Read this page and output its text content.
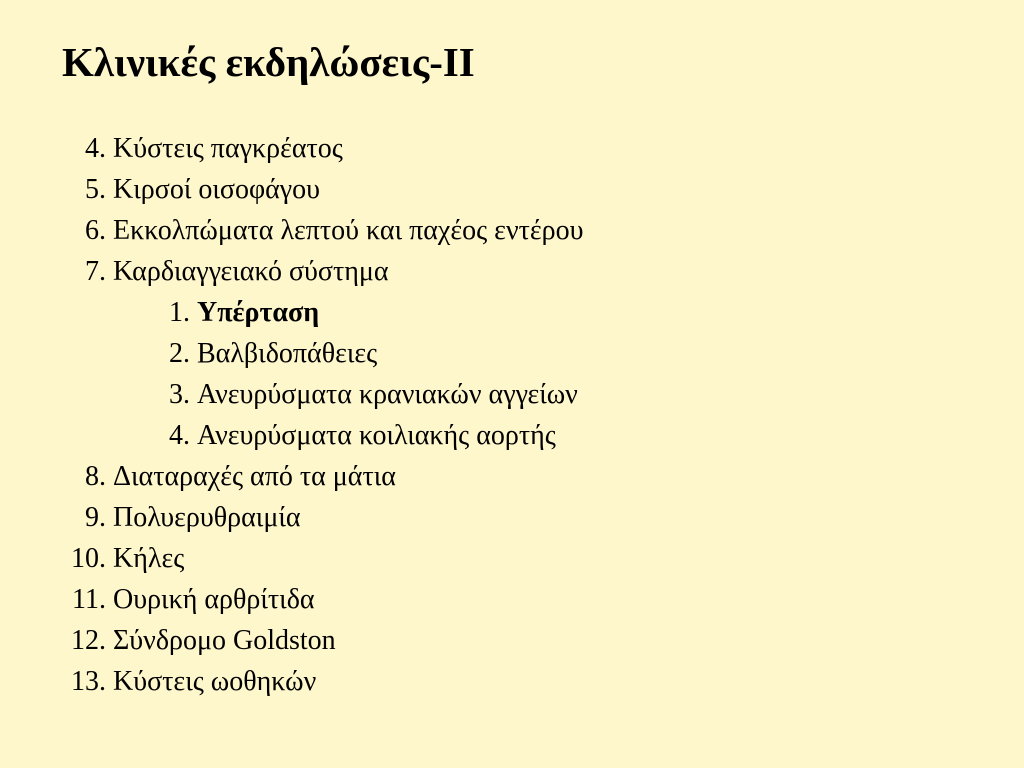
Κλινικές εκδηλώσεις-ΙΙ
4. Κύστεις παγκρέατος
5. Κιρσοί οισοφάγου
6. Εκκολπώματα λεπτού και παχέος εντέρου
7. Καρδιαγγειακό σύστημα
1. Υπέρταση
2. Βαλβιδοπάθειες
3. Ανευρύσματα κρανιακών αγγείων
4. Ανευρύσματα κοιλιακής αορτής
8. Διαταραχές από τα μάτια
9. Πολυερυθραιμία
10. Κήλες
11. Ουρική αρθρίτιδα
12. Σύνδρομο Goldston
13. Κύστεις ωοθηκών
